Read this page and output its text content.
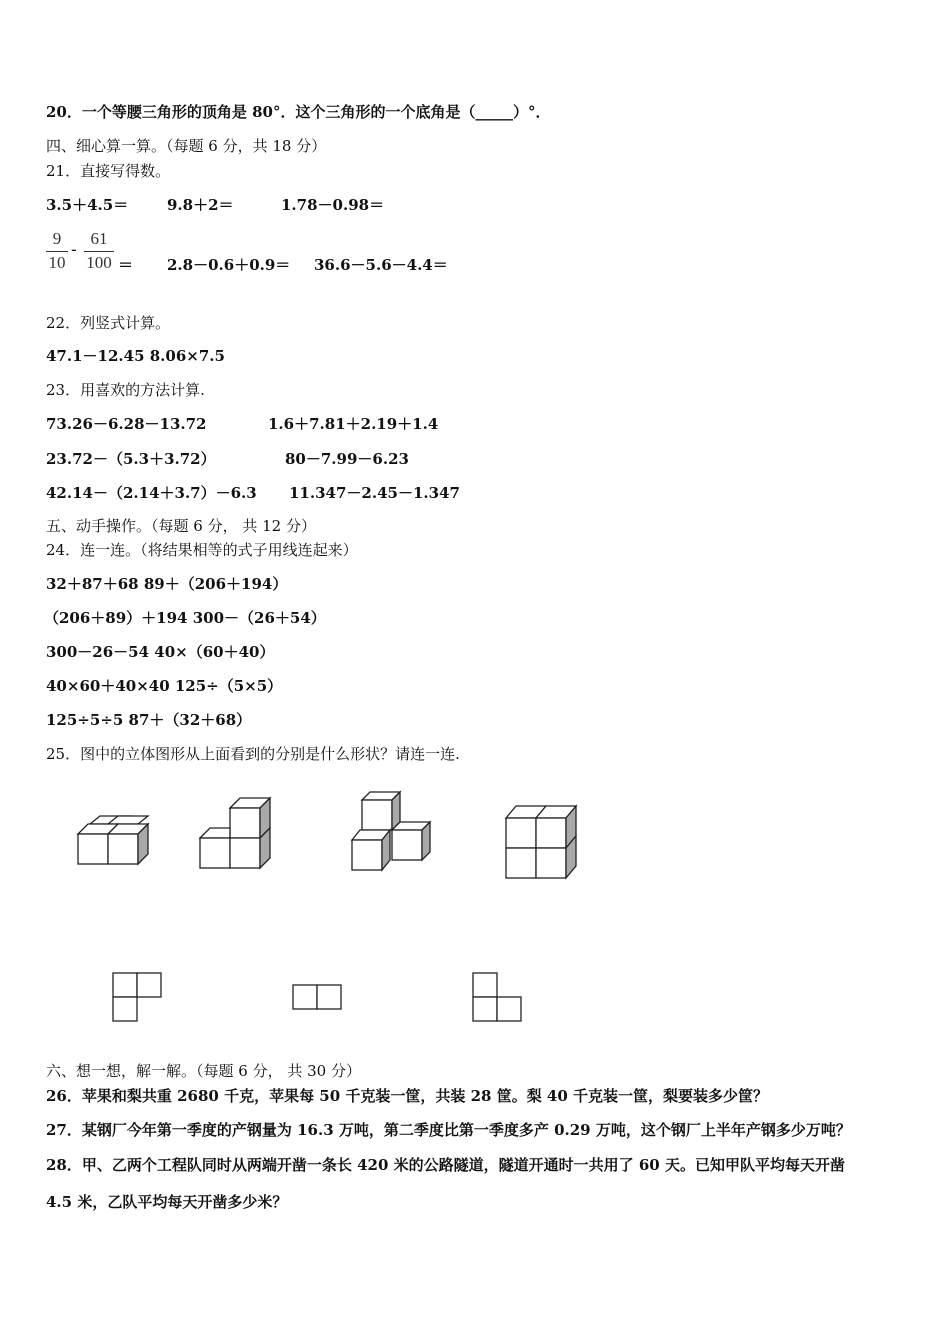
20．一个等腰三角形的顶角是 80°．这个三角形的一个底角是（_____）°．
四、细心算一算。（每题 6 分，共 18 分）
21．直接写得数。
3.5＋4.5＝	9.8＋2＝	1.78－0.98＝
9
10
-
61
100 ＝ 2.8－0.6＋0.9＝ 36.6－5.6－4.4＝
22．列竖式计算。
47.1－12.45 8.06×7.5
23．用喜欢的方法计算.
73.26－6.28－13.72	1.6＋7.81＋2.19＋1.4
23.72－（5.3＋3.72）	80－7.99－6.23
42.14－（2.14＋3.7）－6.3 11.347－2.45－1.347
五、动手操作。（每题 6 分， 共 12 分）
24．连一连。（将结果相等的式子用线连起来）
32＋87＋68 89＋（206＋194）
（206＋89）＋194 300－（26＋54）
300－26－54 40×（60＋40）
40×60＋40×40 125÷（5×5）
125÷5÷5 87＋（32＋68）
25．图中的立体图形从上面看到的分别是什么形状？请连一连.
六、想一想，解一解。（每题 6 分， 共 30 分）
26．苹果和梨共重 2680 千克，苹果每 50 千克装一筐，共装 28 筐。梨 40 千克装一筐，梨要装多少筐？
27．某钢厂今年第一季度的产钢量为 16.3 万吨，第二季度比第一季度多产 0.29 万吨，这个钢厂上半年产钢多少万吨？
28．甲、乙两个工程队同时从两端开凿一条长 420 米的公路隧道，隧道开通时一共用了 60 天。已知甲队平均每天开凿
4.5 米，乙队平均每天开凿多少米？
